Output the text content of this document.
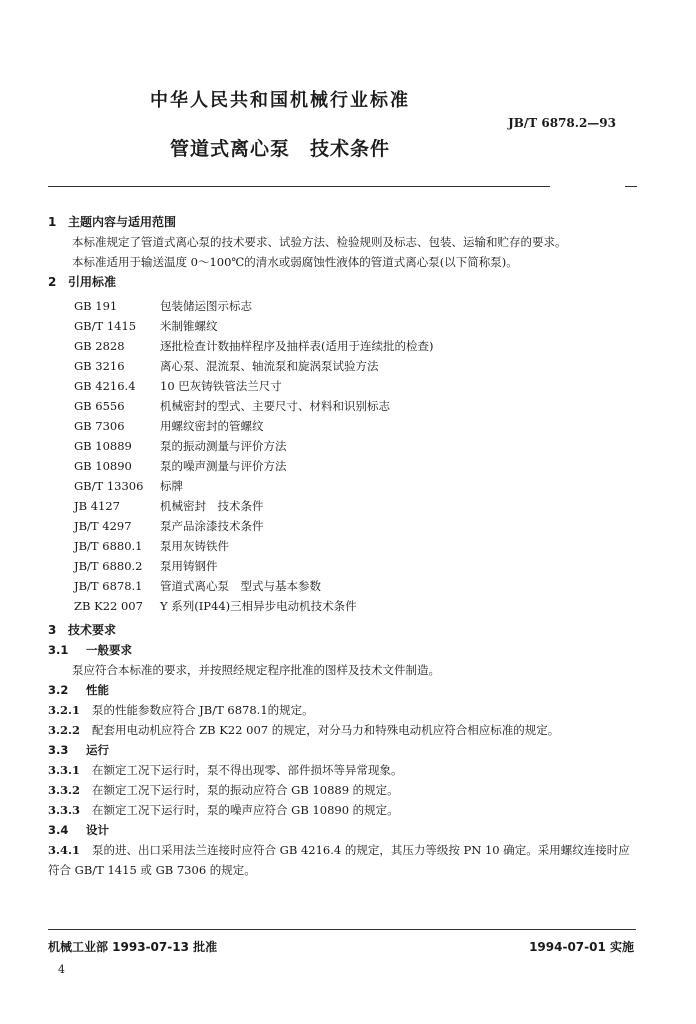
中华人民共和国机械行业标准
JB/T 6878.2—93
管道式离心泵　技术条件
1 主题内容与适用范围
本标准规定了管道式离心泵的技术要求、试验方法、检验规则及标志、包装、运输和贮存的要求。
本标准适用于输送温度 0～100℃的清水或弱腐蚀性液体的管道式离心泵(以下简称泵)。
2 引用标准
GB 191	包装储运图示标志
GB/T 1415	米制锥螺纹
GB 2828	逐批检查计数抽样程序及抽样表(适用于连续批的检查)
GB 3216	离心泵、混流泵、轴流泵和旋涡泵试验方法
GB 4216.4	10 巴灰铸铁管法兰尺寸
GB 6556	机械密封的型式、主要尺寸、材料和识别标志
GB 7306	用螺纹密封的管螺纹
GB 10889	泵的振动测量与评价方法
GB 10890	泵的噪声测量与评价方法
GB/T 13306	标牌
JB 4127	机械密封　技术条件
JB/T 4297	泵产品涂漆技术条件
JB/T 6880.1	泵用灰铸铁件
JB/T 6880.2	泵用铸钢件
JB/T 6878.1	管道式离心泵　型式与基本参数
ZB K22 007	Y 系列(IP44)三相异步电动机技术条件
3 技术要求
3.1 一般要求
泵应符合本标准的要求，并按照经规定程序批准的图样及技术文件制造。
3.2 性能
3.2.1 泵的性能参数应符合 JB/T 6878.1的规定。
3.2.2 配套用电动机应符合 ZB K22 007 的规定，对分马力和特殊电动机应符合相应标准的规定。
3.3 运行
3.3.1 在额定工况下运行时，泵不得出现零、部件损坏等异常现象。
3.3.2 在额定工况下运行时，泵的振动应符合 GB 10889 的规定。
3.3.3 在额定工况下运行时，泵的噪声应符合 GB 10890 的规定。
3.4 设计
3.4.1 泵的进、出口采用法兰连接时应符合 GB 4216.4 的规定，其压力等级按 PN 10 确定。采用螺纹连接时应符合 GB/T 1415 或 GB 7306 的规定。
机械工业部 1993-07-13 批准	1994-07-01 实施
4
